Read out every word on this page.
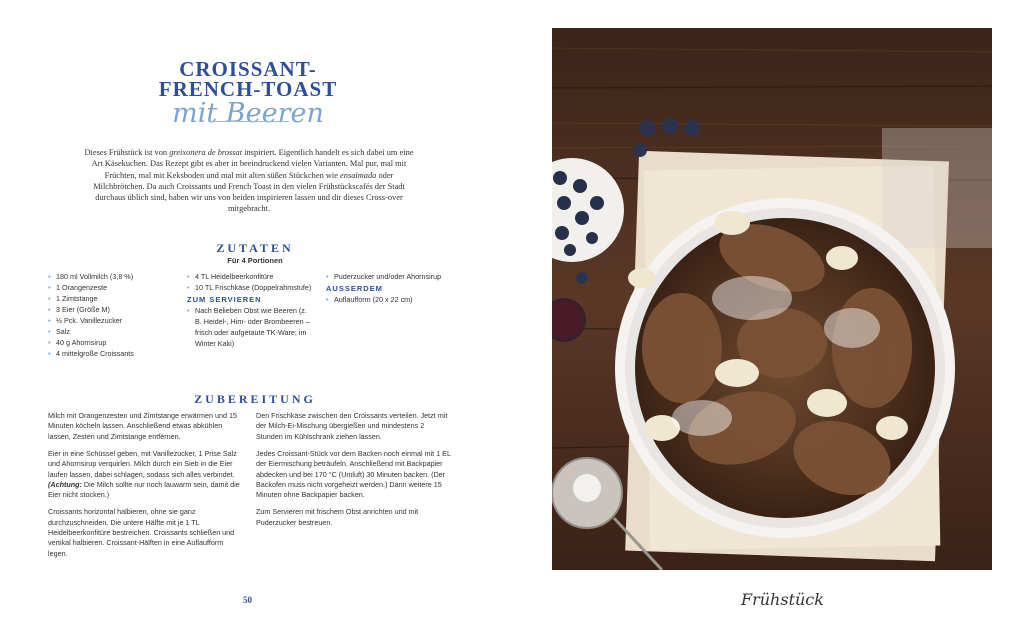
CROISSANT-
FRENCH-TOAST
mit Beeren
Dieses Frühstück ist von greixonera de brossat inspiriert. Eigentlich handelt es sich dabei um eine Art Käsekuchen. Das Rezept gibt es aber in beeindruckend vielen Varianten. Mal pur, mal mit Früchten, mal mit Keksboden und mal mit alten süßen Stückchen wie ensaïmada oder Milchbrötchen. Da auch Croissants und French Toast in den vielen Frühstückscafés der Stadt durchaus üblich sind, haben wir uns von beiden inspirieren lassen und dir dieses Cross-over mitgebracht.
ZUTATEN
Für 4 Portionen
• 180 ml Vollmilch (3,8 %)
• 1 Orangenzeste
• 1 Zimtstange
• 3 Eier (Größe M)
• ½ Pck. Vanillezucker
• Salz
• 40 g Ahornsirup
• 4 mittelgroße Croissants
• 4 TL Heidelbeerkonfitüre
• 10 TL Frischkäse (Doppelrahmstufe)
ZUM SERVIEREN
• Nach Belieben Obst wie Beeren (z. B. Heidel-, Him- oder Brombeeren – frisch oder aufgetaute TK-Ware; im Winter Kaki)
• Puderzucker und/oder Ahornsirup
AUSSERDEM
• Auflaufform (20 x 22 cm)
ZUBEREITUNG

Milch mit Orangenzesten und Zimtstange erwärmen und 15 Minuten köcheln lassen. Anschließend etwas abkühlen lassen, Zesten und Zimtstange entfernen.

Eier in eine Schüssel geben, mit Vanillezucker, 1 Prise Salz und Ahornsirup verquirlen. Milch durch ein Sieb in die Eier laufen lassen, dabei schlagen, sodass sich alles verbindet. (Achtung: Die Milch sollte nur noch lauwarm sein, damit die Eier nicht stocken.)

Croissants horizontal halbieren, ohne sie ganz durchzuschneiden. Die untere Hälfte mit je 1 TL Heidelbeerkonfitüre bestreichen. Croissants schließen und vertikal halbieren. Croissant-Hälften in eine Auflaufform legen.

Den Frischkäse zwischen den Croissants verteilen. Jetzt mit der Milch-Ei-Mischung übergießen und mindestens 2 Stunden im Kühlschrank ziehen lassen.

Jedes Croissant-Stück vor dem Backen noch einmal mit 1 EL der Eiermischung beträufeln. Anschließend mit Backpapier abdecken und bei 170 °C (Umluft) 30 Minuten backen. (Der Backofen muss nicht vorgeheizt werden.) Dann weitere 15 Minuten ohne Backpapier backen.

Zum Servieren mit frischem Obst anrichten und mit Puderzucker bestreuen.

50	Frühstück
